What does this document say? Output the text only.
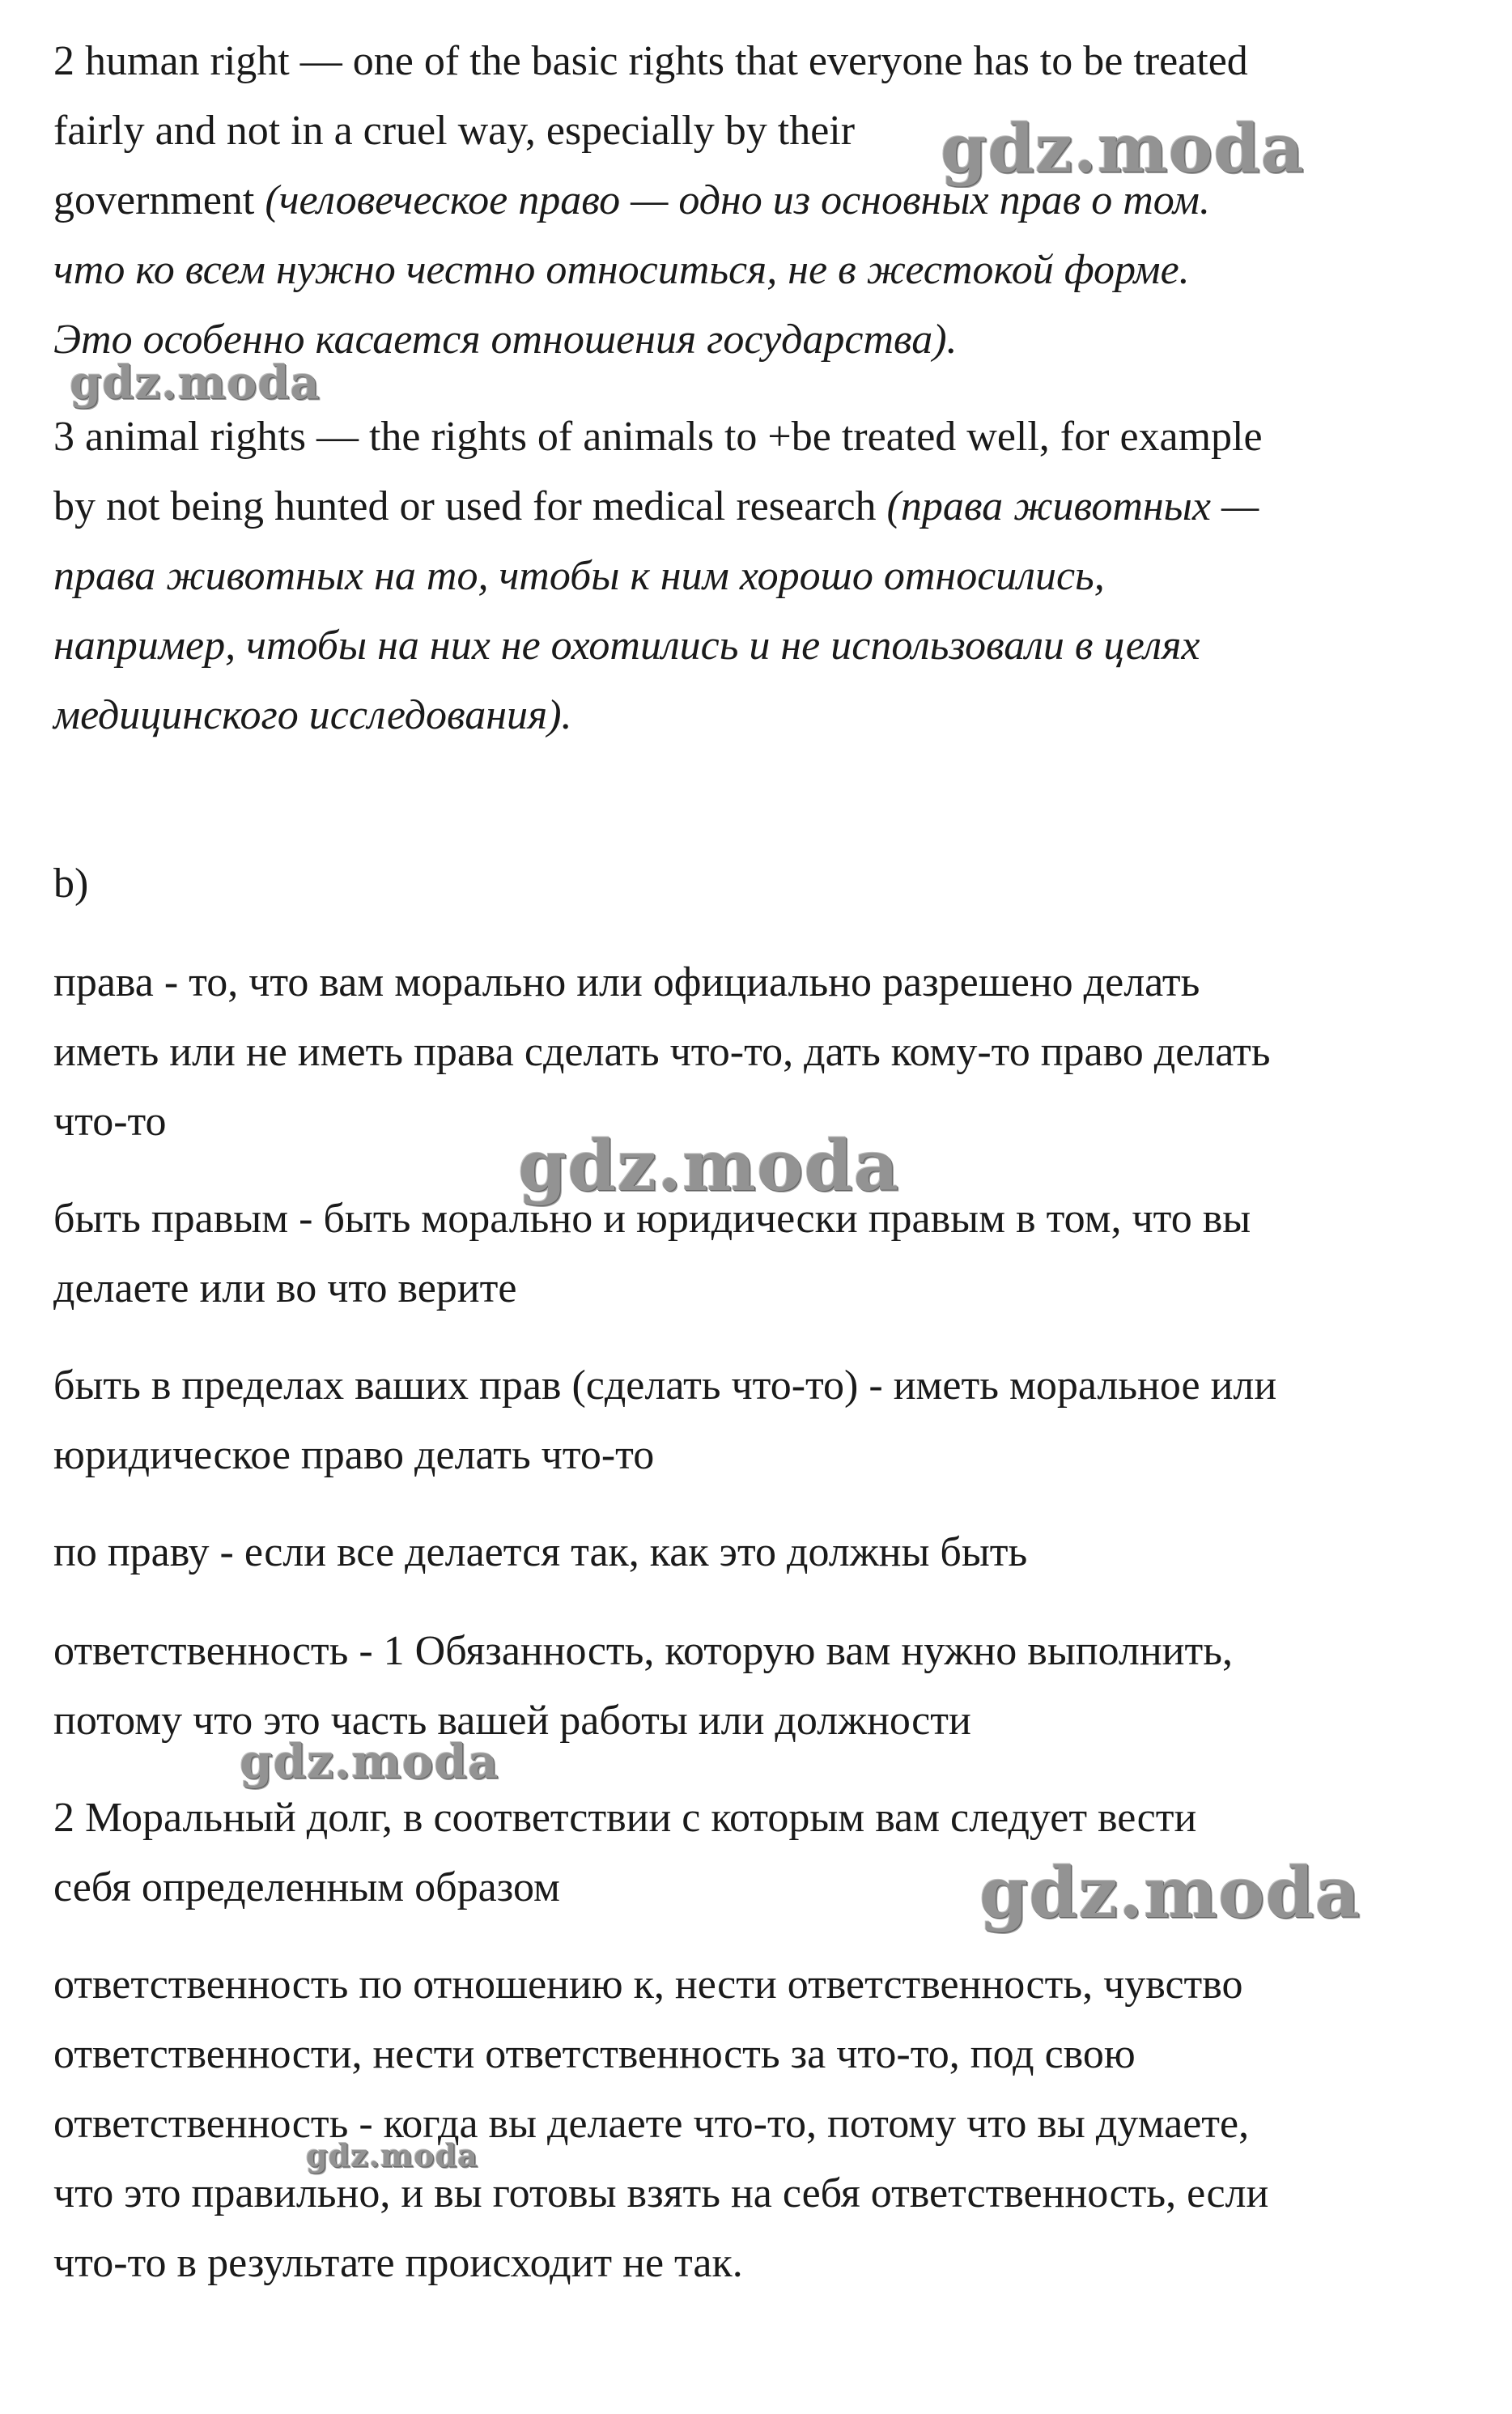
2 human right — one of the basic rights that everyone has to be treated
fairly and not in a cruel way, especially by their
government (человеческое право — одно из основных прав о том.
что ко всем нужно честно относиться, не в жестокой форме.
Это особенно касается отношения государства).
3 animal rights — the rights of animals to +be treated well, for example
by not being hunted or used for medical research (права животных —
права животных на то, чтобы к ним хорошо относились,
например, чтобы на них не охотились и не использовали в целях
медицинского исследования).
b)
права - то, что вам морально или официально разрешено делать
иметь или не иметь права сделать что-то, дать кому-то право делать
что-то
быть правым - быть морально и юридически правым в том, что вы
делаете или во что верите
быть в пределах ваших прав (сделать что-то) - иметь моральное или
юридическое право делать что-то
по праву - если все делается так, как это должны быть
ответственность - 1 Обязанность, которую вам нужно выполнить,
потому что это часть вашей работы или должности
2 Моральный долг, в соответствии с которым вам следует вести
себя определенным образом
ответственность по отношению к, нести ответственность, чувство
ответственности, нести ответственность за что-то, под свою
ответственность - когда вы делаете что-то, потому что вы думаете,
что это правильно, и вы готовы взять на себя ответственность, если
что-то в результате происходит не так.
gdz.moda
gdz.moda
gdz.moda
gdz.moda
gdz.moda
gdz.moda
